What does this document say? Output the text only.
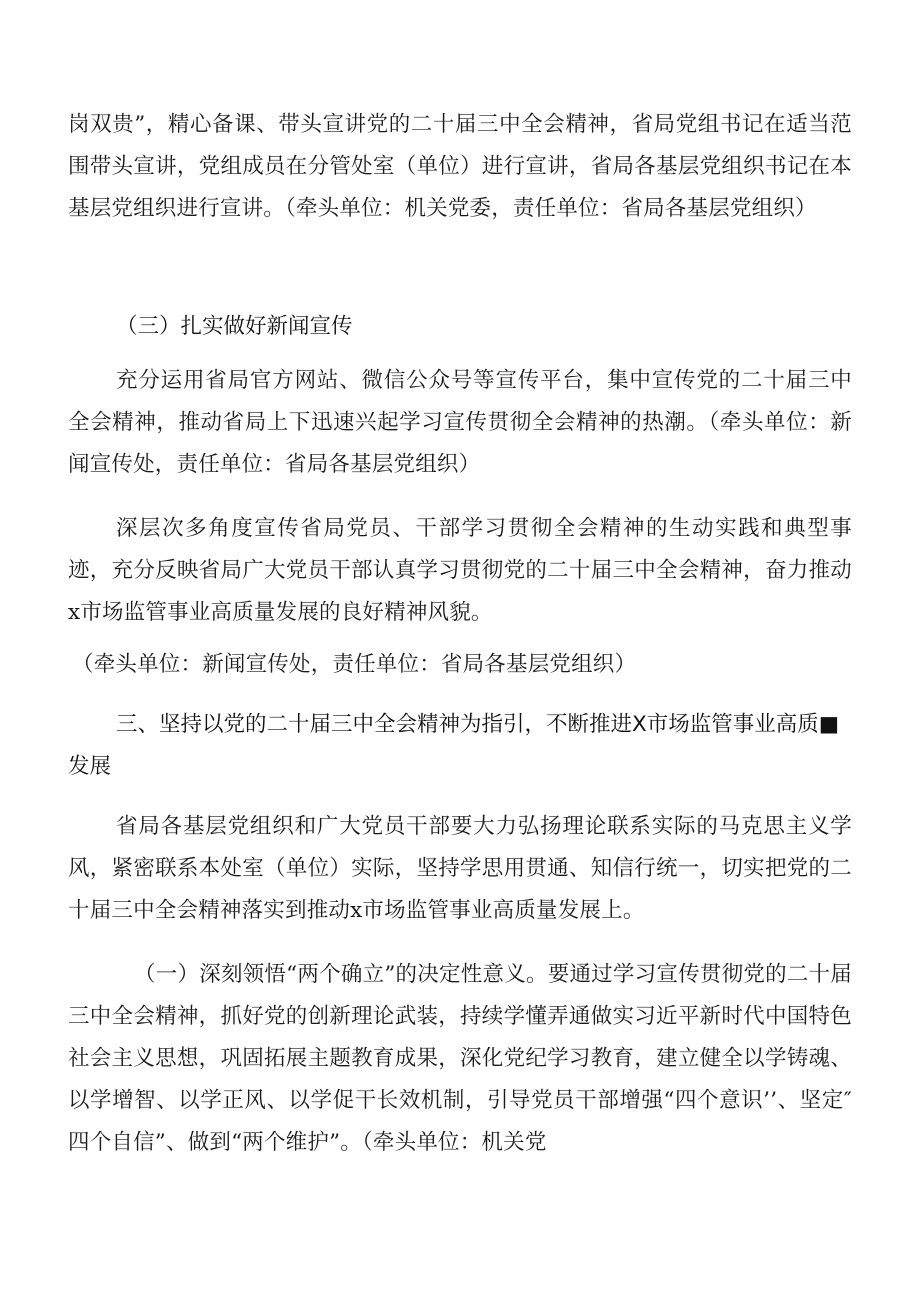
岗双贵”，精心备课、带头宣讲党的二十届三中全会精神，省局党组书记在适当范围带头宣讲，党组成员在分管处室（单位）进行宣讲，省局各基层党组织书记在本基层党组织进行宣讲。（牵头单位：机关党委，责任单位：省局各基层党组织）

（三）扎实做好新闻宣传

充分运用省局官方网站、微信公众号等宣传平台，集中宣传党的二十届三中全会精神，推动省局上下迅速兴起学习宣传贯彻全会精神的热潮。（牵头单位：新闻宣传处，责任单位：省局各基层党组织）

深层次多角度宣传省局党员、干部学习贯彻全会精神的生动实践和典型事迹，充分反映省局广大党员干部认真学习贯彻党的二十届三中全会精神，奋力推动x市场监管事业高质量发展的良好精神风貌。

（牵头单位：新闻宣传处，责任单位：省局各基层党组织）

三、坚持以党的二十届三中全会精神为指引，不断推进X市场监管事业高质■发展

省局各基层党组织和广大党员干部要大力弘扬理论联系实际的马克思主义学风，紧密联系本处室（单位）实际，坚持学思用贯通、知信行统一，切实把党的二十届三中全会精神落实到推动x市场监管事业高质量发展上。

（一）深刻领悟“两个确立”的决定性意义。要通过学习宣传贯彻党的二十届三中全会精神，抓好党的创新理论武装，持续学懂弄通做实习近平新时代中国特色社会主义思想，巩固拓展主题教育成果，深化党纪学习教育，建立健全以学铸魂、以学增智、以学正风、以学促干长效机制，引导党员干部增强“四个意识’’、坚定″四个自信”、做到“两个维护”。（牵头单位：机关党
